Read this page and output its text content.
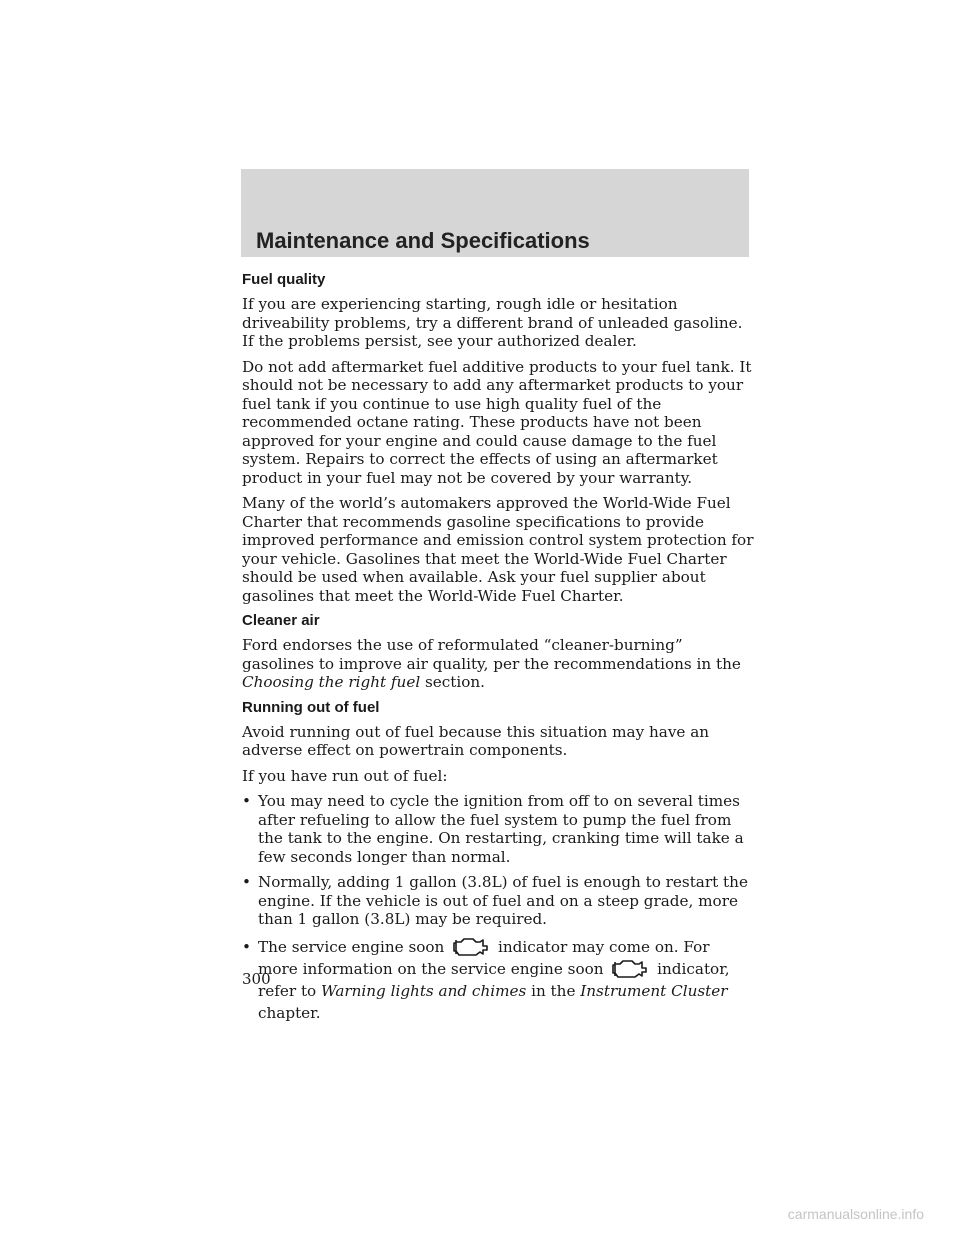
Maintenance and Specifications
Fuel quality

If you are experiencing starting, rough idle or hesitation driveability problems, try a different brand of unleaded gasoline. If the problems persist, see your authorized dealer.

Do not add aftermarket fuel additive products to your fuel tank. It should not be necessary to add any aftermarket products to your fuel tank if you continue to use high quality fuel of the recommended octane rating. These products have not been approved for your engine and could cause damage to the fuel system. Repairs to correct the effects of using an aftermarket product in your fuel may not be covered by your warranty.

Many of the world’s automakers approved the World-Wide Fuel Charter that recommends gasoline specifications to provide improved performance and emission control system protection for your vehicle. Gasolines that meet the World-Wide Fuel Charter should be used when available. Ask your fuel supplier about gasolines that meet the World-Wide Fuel Charter.

Cleaner air

Ford endorses the use of reformulated “cleaner-burning” gasolines to improve air quality, per the recommendations in the Choosing the right fuel section.

Running out of fuel

Avoid running out of fuel because this situation may have an adverse effect on powertrain components.

If you have run out of fuel:

• You may need to cycle the ignition from off to on several times after refueling to allow the fuel system to pump the fuel from the tank to the engine. On restarting, cranking time will take a few seconds longer than normal.
• Normally, adding 1 gallon (3.8L) of fuel is enough to restart the engine. If the vehicle is out of fuel and on a steep grade, more than 1 gallon (3.8L) may be required.
• The service engine soon	indicator may come on. For more information on the service engine soon	indicator, refer to Warning lights and chimes in the Instrument Cluster chapter.
300
carmanualsonline.info
